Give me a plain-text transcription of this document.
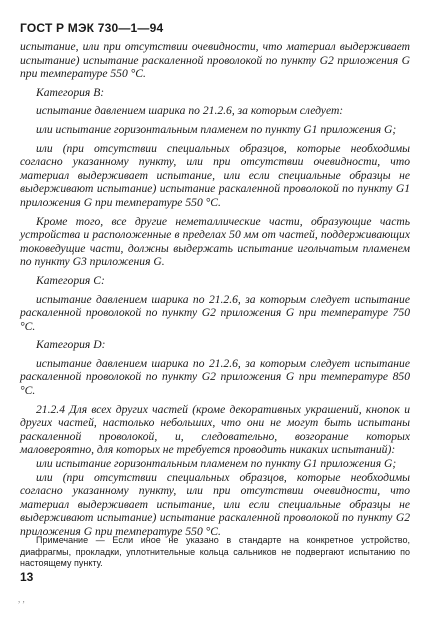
ГОСТ Р МЭК 730—1—94

испытание, или при отсутствии очевидности, что материал выдерживает испытание) испытание раскаленной проволокой по пункту G2 приложения G при температуре 550 °C.

Категория В:

испытание давлением шарика по 21.2.6, за которым следует:

или испытание горизонтальным пламенем по пункту G1 приложения G;

или (при отсутствии специальных образцов, которые необходимы согласно указанному пункту, или при отсутствии очевидности, что материал выдерживает испытание, или если специальные образцы не выдерживают испытание) испытание раскаленной проволокой по пункту G1 приложения G при температуре 550 °C.

Кроме того, все другие неметаллические части, образующие часть устройства и расположенные в пределах 50 мм от частей, поддерживающих токоведущие части, должны выдержать испытание игольчатым пламенем по пункту G3 приложения G.

Категория С:

испытание давлением шарика по 21.2.6, за которым следует испытание раскаленной проволокой по пункту G2 приложения G при температуре 750 °C.

Категория D:

испытание давлением шарика по 21.2.6, за которым следует испытание раскаленной проволокой по пункту G2 приложения G при температуре 850 °C.

21.2.4 Для всех других частей (кроме декоративных украшений, кнопок и других частей, настолько небольших, что они не могут быть испытаны раскаленной проволокой, и, следовательно, возгорание которых маловероятно, для которых не требуется проводить никаких испытаний):

или испытание горизонтальным пламенем по пункту G1 приложения G;

или (при отсутствии специальных образцов, которые необходимы согласно указанному пункту, или при отсутствии очевидности, что материал выдерживает испытание, или если специальные образцы не выдерживают испытание) испытание раскаленной проволокой по пункту G2 приложения G при температуре 550 °C.

Примечание — Если иное не указано в стандарте на конкретное устройство, диафрагмы, прокладки, уплотнительные кольца сальников не подвергают испытанию по настоящему пункту.
13
, ,
